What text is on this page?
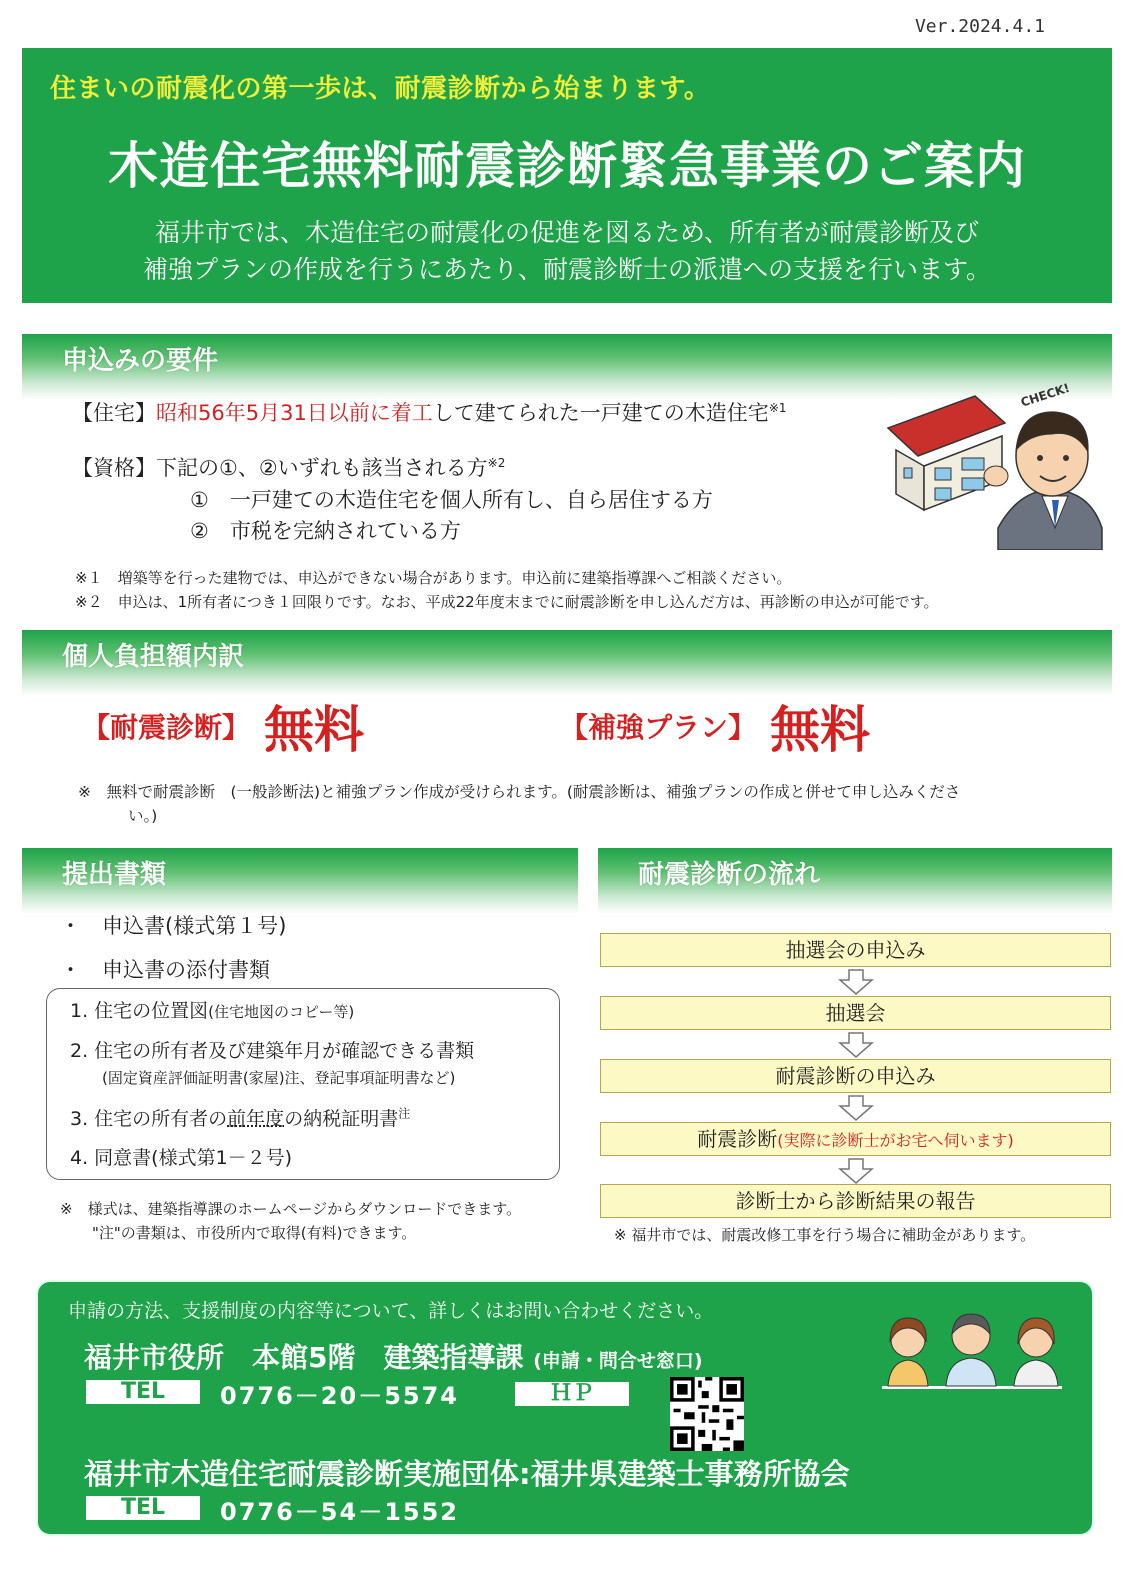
Ver.2024.4.1
住まいの耐震化の第一歩は、耐震診断から始まります。
木造住宅無料耐震診断緊急事業のご案内
福井市では、木造住宅の耐震化の促進を図るため、所有者が耐震診断及び
補強プランの作成を行うにあたり、耐震診断士の派遣への支援を行います。
申込みの要件
【住宅】昭和56年5月31日以前に着工して建てられた一戸建ての木造住宅$^{※1}$
【資格】下記の①、②いずれも該当される方$^{※2}$
①　一戸建ての木造住宅を個人所有し、自ら居住する方
②　市税を完納されている方
CHECK!
※１　増築等を行った建物では、申込ができない場合があります。申込前に建築指導課へご相談ください。
※２　申込は、1所有者につき１回限りです。なお、平成22年度末までに耐震診断を申し込んだ方は、再診断の申込が可能です。
個人負担額内訳
【耐震診断】 無料	【補強プラン】 無料
※　無料で耐震診断　(一般診断法)と補強プラン作成が受けられます。(耐震診断は、補強プランの作成と併せて申し込みくださ
い。)
提出書類
・　申込書(様式第１号)
・　申込書の添付書類
1. 住宅の位置図(住宅地図のコピー等)
2. 住宅の所有者及び建築年月が確認できる書類
(固定資産評価証明書(家屋)注、登記事項証明書など)
3. 住宅の所有者の前年度の納税証明書$^注$
4. 同意書(様式第1－２号)
※　様式は、建築指導課のホームページからダウンロードできます。
"注"の書類は、市役所内で取得(有料)できます。
耐震診断の流れ
抽選会の申込み
抽選会
耐震診断の申込み
耐震診断(実際に診断士がお宅へ伺います)
診断士から診断結果の報告
※ 福井市では、耐震改修工事を行う場合に補助金があります。
申請の方法、支援制度の内容等について、詳しくはお問い合わせください。
福井市役所　本館5階　建築指導課 (申請・問合せ窓口)
TEL	0776－20－5574	ＨＰ
福井市木造住宅耐震診断実施団体:福井県建築士事務所協会
TEL	0776－54－1552
